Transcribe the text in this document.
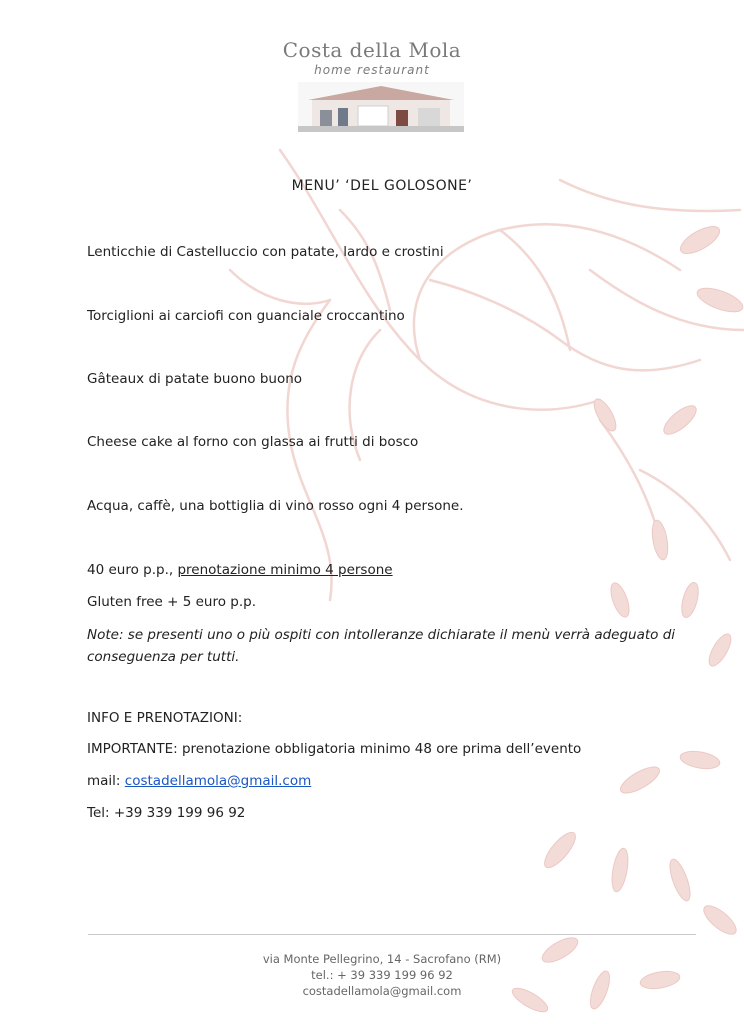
Costa della Mola
home restaurant
MENU’ ‘DEL GOLOSONE’
Lenticchie di Castelluccio con patate, lardo e crostini
Torciglioni ai carciofi con guanciale croccantino
Gâteaux di patate buono buono
Cheese cake al forno con glassa ai frutti di bosco
Acqua, caffè, una bottiglia di vino rosso ogni 4 persone.
40 euro p.p., prenotazione minimo 4 persone
Gluten free + 5 euro p.p.
Note: se presenti uno o più ospiti con intolleranze dichiarate il menù verrà adeguato di conseguenza per tutti.
INFO E PRENOTAZIONI:
IMPORTANTE: prenotazione obbligatoria minimo 48 ore prima dell’evento
mail: costadellamola@gmail.com
Tel: +39 339 199 96 92
via Monte Pellegrino, 14 - Sacrofano (RM)
tel.: + 39 339 199 96 92
costadellamola@gmail.com
